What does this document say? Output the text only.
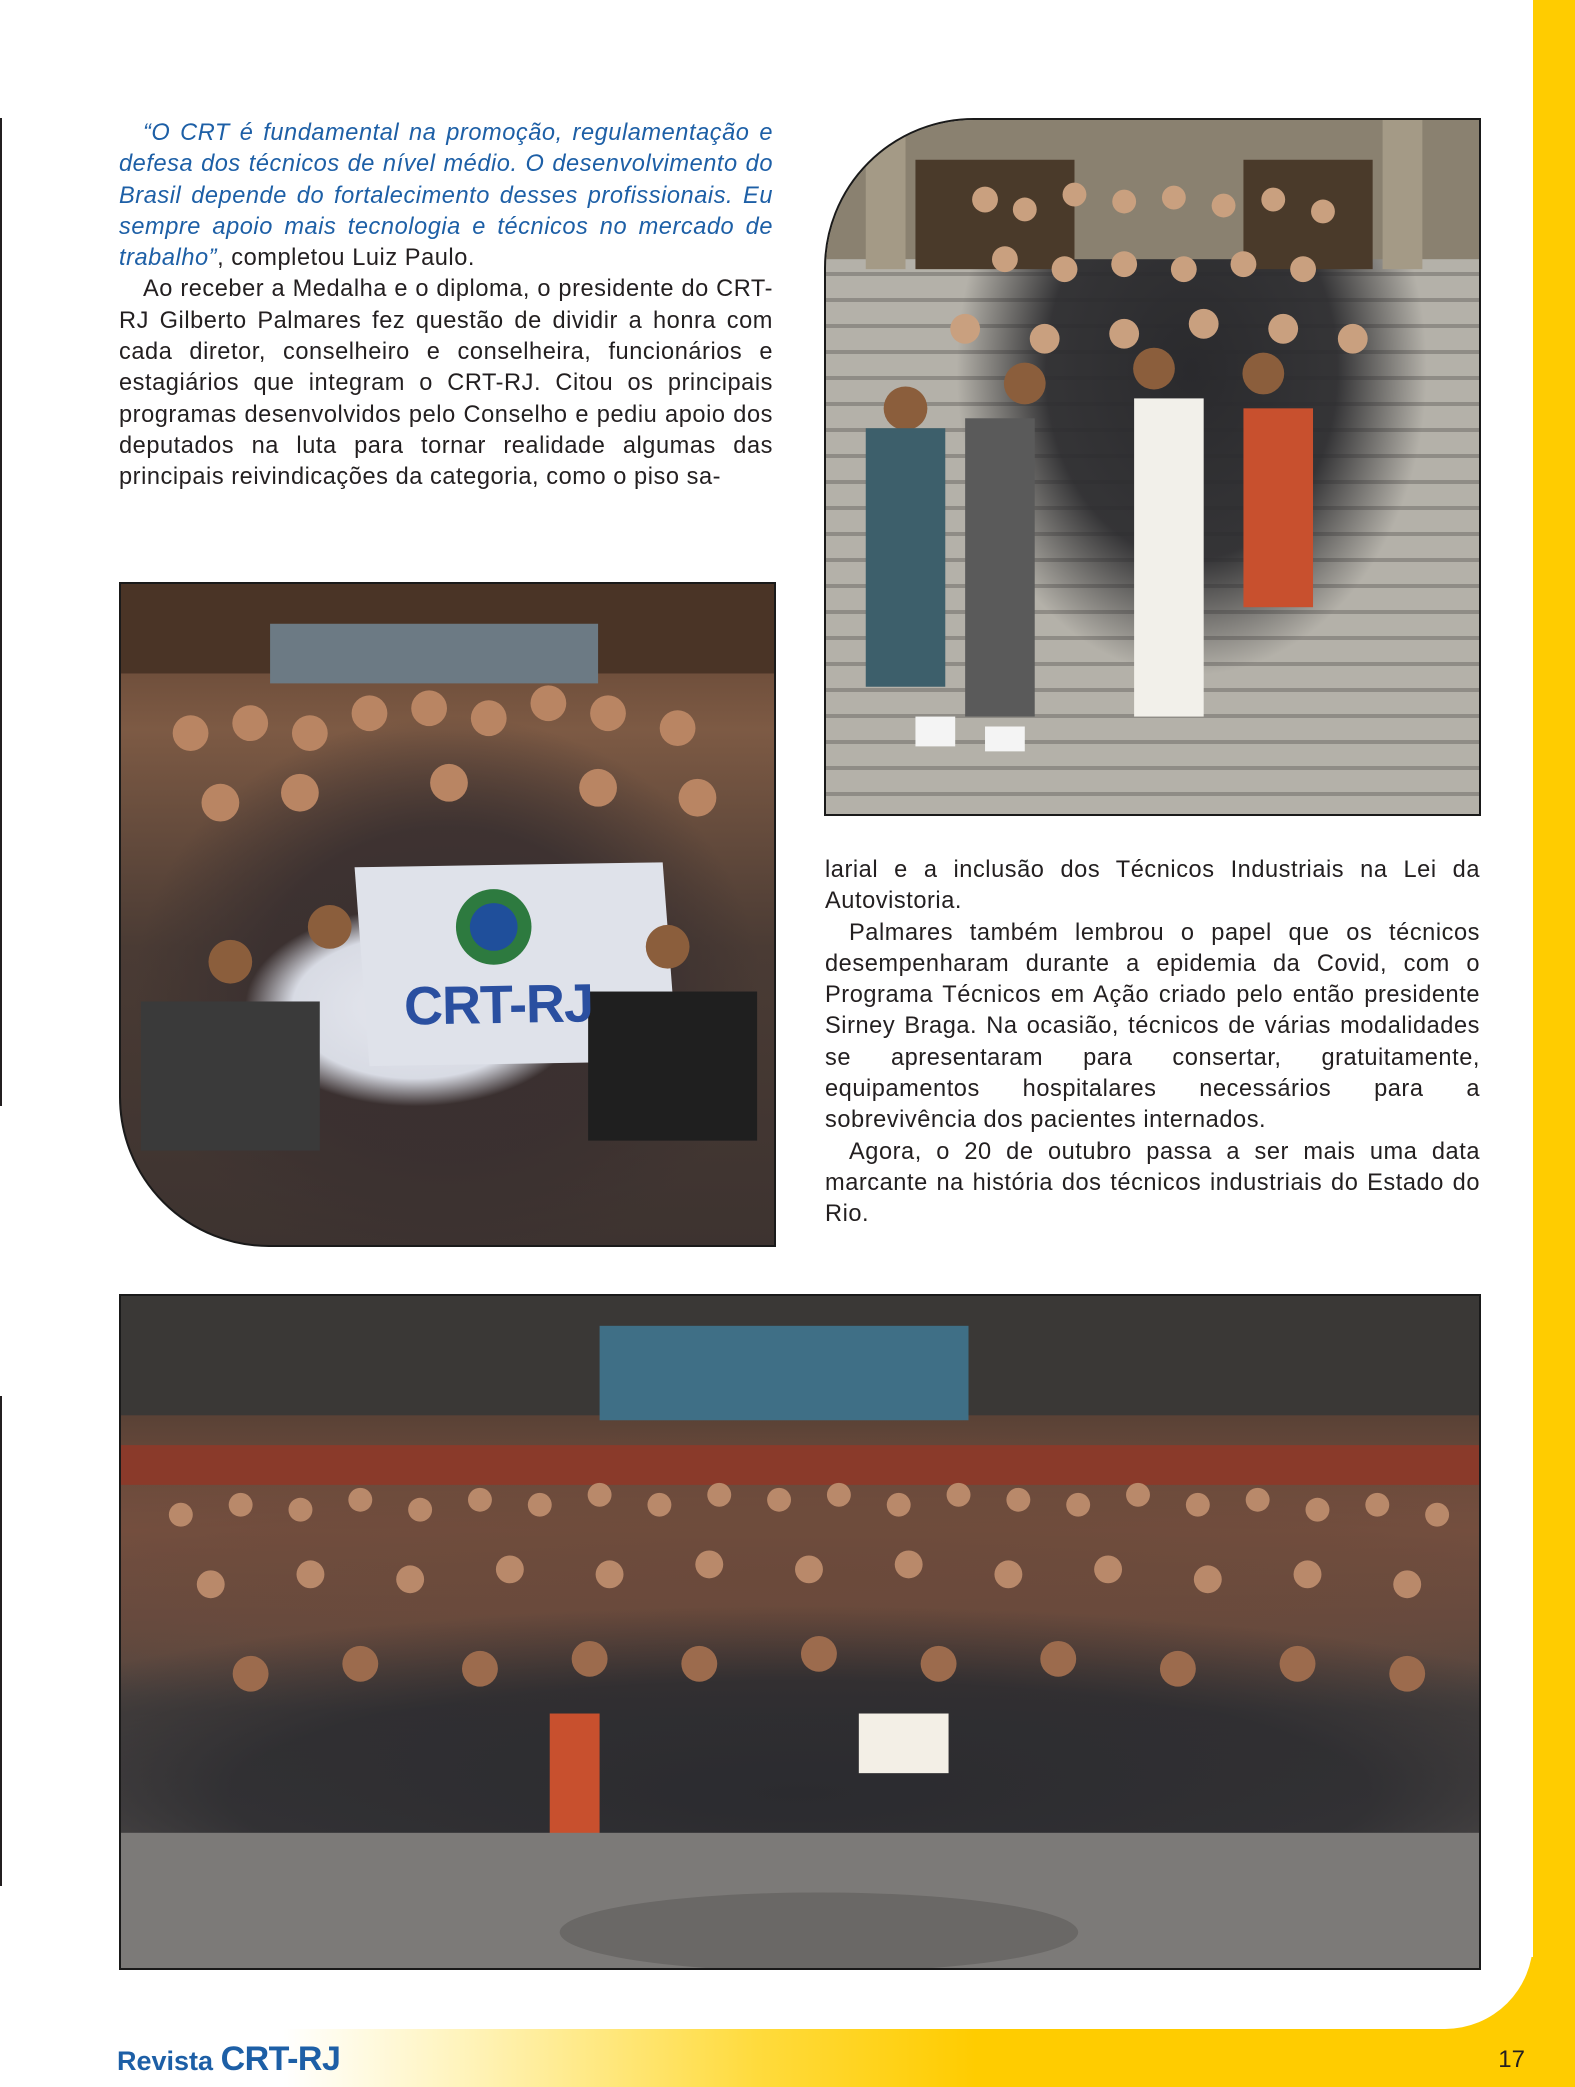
“O CRT é fundamental na promoção, regulamentação e defesa dos técnicos de nível médio. O desenvolvimento do Brasil depende do fortalecimento desses profissionais. Eu sempre apoio mais tecnologia e técnicos no mercado de trabalho”, completou Luiz Paulo.

Ao receber a Medalha e o diploma, o presidente do CRT-RJ Gilberto Palmares fez questão de dividir a honra com cada diretor, conselheiro e conselheira, funcionários e estagiários que integram o CRT-RJ. Citou os principais programas desenvolvidos pelo Conselho e pediu apoio dos deputados na luta para tornar realidade algumas das principais reivindicações da categoria, como o piso sa-

CRT-RJ

larial e a inclusão dos Técnicos Industriais na Lei da Autovistoria.

Palmares também lembrou o papel que os técnicos desempenharam durante a epidemia da Covid, com o Programa Técnicos em Ação criado pelo então presidente Sirney Braga. Na ocasião, técnicos de várias modalidades se apresentaram para consertar, gratuitamente, equipamentos hospitalares necessários para a sobrevivência dos pacientes internados.

Agora, o 20 de outubro passa a ser mais uma data marcante na história dos técnicos industriais do Estado do Rio.

Revista CRT-RJ	17
